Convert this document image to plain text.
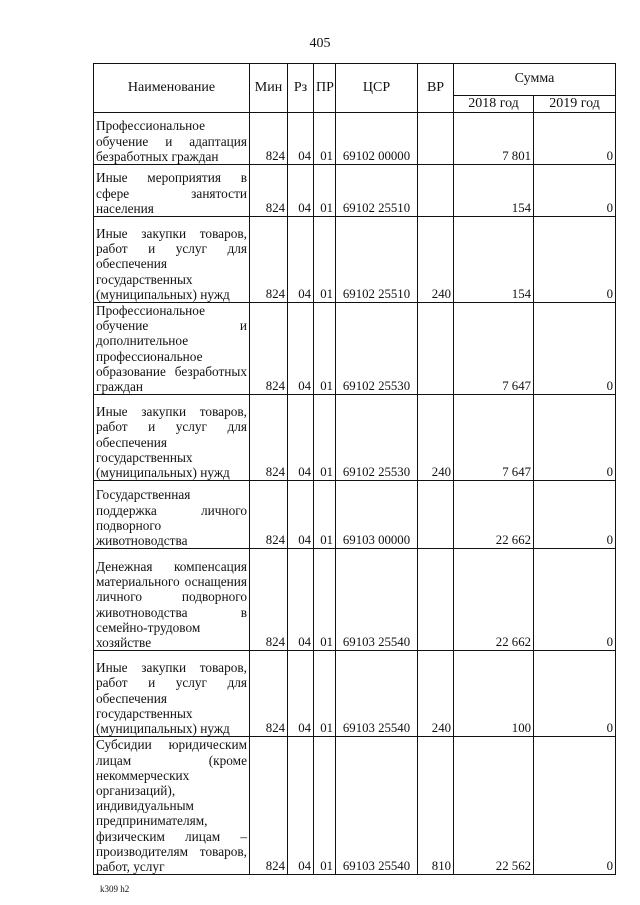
405
Наименование	Мин	Рз	ПР	ЦСР	ВР	Сумма	
						2018 год	2019 год

Профессиональное обучение и адаптация безработных граждан	824	04	01	69102 00000		7 801	0

Иные мероприятия в сфере занятости населения	824	04	01	69102 25510		154	0

Иные закупки товаров, работ и услуг для обеспечения государственных (муниципальных) нужд	824	04	01	69102 25510	240	154	0

Профессиональное обучение и дополнительное профессиональное образование безработных граждан	824	04	01	69102 25530		7 647	0

Иные закупки товаров, работ и услуг для обеспечения государственных (муниципальных) нужд	824	04	01	69102 25530	240	7 647	0

Государственная поддержка личного подворного животноводства	824	04	01	69103 00000		22 662	0

Денежная компенсация материального оснащения личного подворного животноводства в семейно-трудовом хозяйстве	824	04	01	69103 25540		22 662	0

Иные закупки товаров, работ и услуг для обеспечения государственных (муниципальных) нужд	824	04	01	69103 25540	240	100	0

Субсидии юридическим лицам (кроме некоммерческих организаций), индивидуальным предпринимателям, физическим лицам – производителям товаров, работ, услуг	824	04	01	69103 25540	810	22 562	0
k309 h2
